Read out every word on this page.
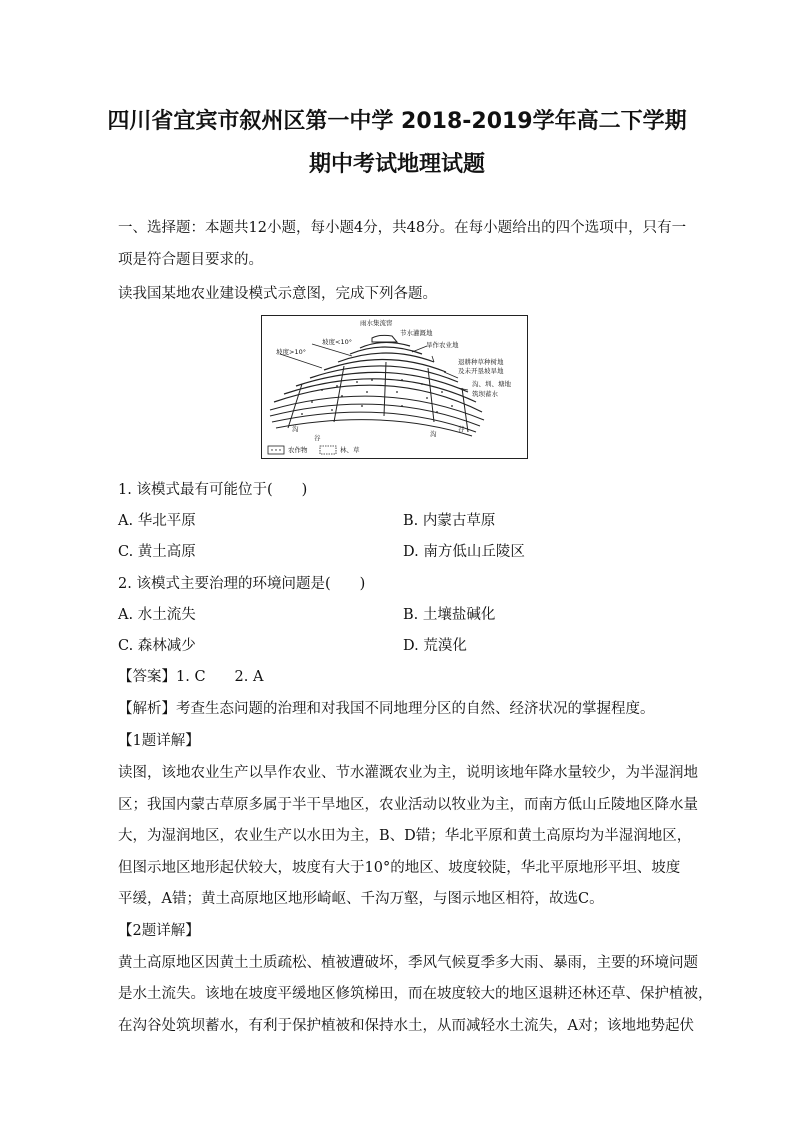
四川省宜宾市叙州区第一中学 2018-2019学年高二下学期
期中考试地理试题
一、选择题：本题共12小题，每小题4分，共48分。在每小题给出的四个选项中，只有一
项是符合题目要求的。
读我国某地农业建设模式示意图，完成下列各题。
雨水集流窖
节水灌溉地
坡度<10°
坡度>10°
旱作农业地
退耕种草种树地
及未开垦坡旱地
沟、圳、塘地
筑坝蓄水
沟
谷	沟
谷
农作物	林、草
1. 该模式最有可能位于(　　)
A. 华北平原	B. 内蒙古草原
C. 黄土高原	D. 南方低山丘陵区
2. 该模式主要治理的环境问题是(　　)
A. 水土流失	B. 土壤盐碱化
C. 森林减少	D. 荒漠化
【答案】1. C　　2. A
【解析】考查生态问题的治理和对我国不同地理分区的自然、经济状况的掌握程度。
【1题详解】
读图，该地农业生产以旱作农业、节水灌溉农业为主，说明该地年降水量较少，为半湿润地
区；我国内蒙古草原多属于半干旱地区，农业活动以牧业为主，而南方低山丘陵地区降水量
大，为湿润地区，农业生产以水田为主，B、D错；华北平原和黄土高原均为半湿润地区，
但图示地区地形起伏较大，坡度有大于10°的地区、坡度较陡，华北平原地形平坦、坡度
平缓，A错；黄土高原地区地形崎岖、千沟万壑，与图示地区相符，故选C。
【2题详解】
黄土高原地区因黄土土质疏松、植被遭破坏，季风气候夏季多大雨、暴雨，主要的环境问题
是水土流失。该地在坡度平缓地区修筑梯田，而在坡度较大的地区退耕还林还草、保护植被，
在沟谷处筑坝蓄水，有利于保护植被和保持水土，从而减轻水土流失，A对；该地地势起伏
